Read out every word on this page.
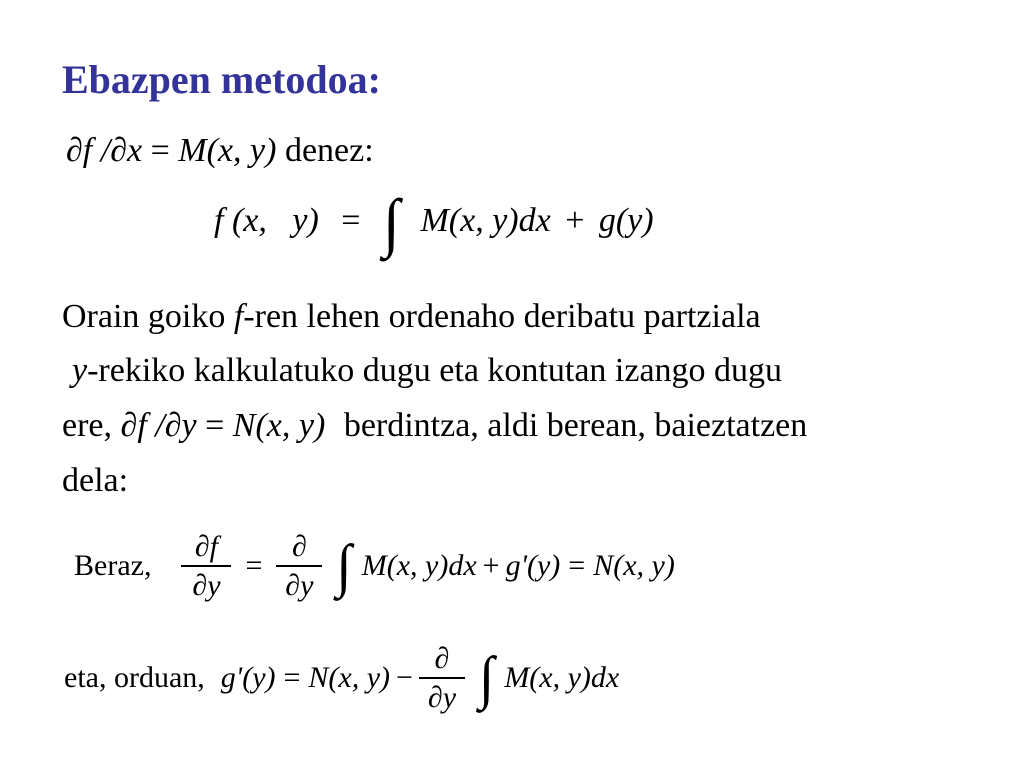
Ebazpen metodoa:
∂f /∂x = M(x, y) denez:
f (x,   y) = ∫ M(x, y)dx + g(y)
Orain goiko f-ren lehen ordenaho deribatu partziala
y-rekiko kalkulatuko dugu eta kontutan izango dugu
ere, ∂f /∂y = N(x, y) berdintza, aldi berean, baieztatzen
dela:
Beraz, $\frac{\partial f}{\partial y} = \frac{\partial}{\partial y}$ ∫ M(x, y)dx + g'(y) = N(x, y)
eta, orduan, g'(y) = N(x, $y) - \frac{\partial}{\partial y}$ ∫ M(x, y)dx
